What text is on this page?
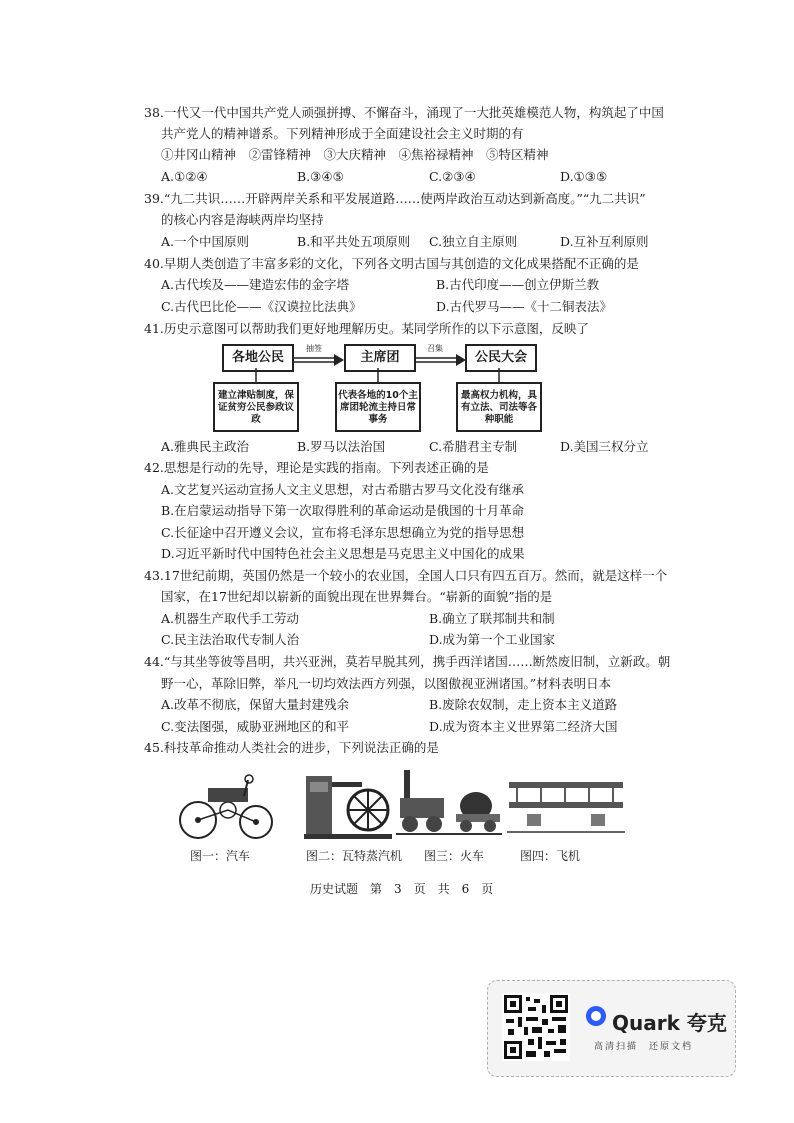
38.一代又一代中国共产党人顽强拼搏、不懈奋斗，涌现了一大批英雄模范人物，构筑起了中国
共产党人的精神谱系。下列精神形成于全面建设社会主义时期的有
①井冈山精神　②雷锋精神　③大庆精神　④焦裕禄精神　⑤特区精神
A.①②④	B.③④⑤	C.②③④	D.①③⑤
39.“九二共识……开辟两岸关系和平发展道路……使两岸政治互动达到新高度。”“九二共识”
的核心内容是海峡两岸均坚持
A.一个中国原则	B.和平共处五项原则 C.独立自主原则	D.互补互利原则
40.早期人类创造了丰富多彩的文化，下列各文明古国与其创造的文化成果搭配不正确的是
A.古代埃及——建造宏伟的金字塔	B.古代印度——创立伊斯兰教
C.古代巴比伦——《汉谟拉比法典》	D.古代罗马——《十二铜表法》
41.历史示意图可以帮助我们更好地理解历史。某同学所作的以下示意图，反映了
各地公民	主席团	公民大会
抽签	召集
建立津贴制度，保证贫穷公民参政议政
代表各地的10个主席团轮流主持日常事务
最高权力机构，具有立法、司法等各种职能
A.雅典民主政治	B.罗马以法治国	C.希腊君主专制	D.美国三权分立
42.思想是行动的先导，理论是实践的指南。下列表述正确的是
A.文艺复兴运动宣扬人文主义思想，对古希腊古罗马文化没有继承
B.在启蒙运动指导下第一次取得胜利的革命运动是俄国的十月革命
C.长征途中召开遵义会议，宣布将毛泽东思想确立为党的指导思想
D.习近平新时代中国特色社会主义思想是马克思主义中国化的成果
43.17世纪前期，英国仍然是一个较小的农业国，全国人口只有四五百万。然而，就是这样一个
国家，在17世纪却以崭新的面貌出现在世界舞台。“崭新的面貌”指的是
A.机器生产取代手工劳动	B.确立了联邦制共和制
C.民主法治取代专制人治	D.成为第一个工业国家
44.“与其坐等彼等昌明，共兴亚洲，莫若早脱其列，携手西洋诸国……断然废旧制，立新政。朝
野一心，革除旧弊，举凡一切均效法西方列强，以图傲视亚洲诸国。”材料表明日本
A.改革不彻底，保留大量封建残余	B.废除农奴制，走上资本主义道路
C.变法图强，威胁亚洲地区的和平	D.成为资本主义世界第二经济大国
45.科技革命推动人类社会的进步，下列说法正确的是
图一：汽车	图二：瓦特蒸汽机 图三：火车	图四：飞机
历史试题　第　3　页　共　6　页
Quark 夸克
高清扫描　还原文档
